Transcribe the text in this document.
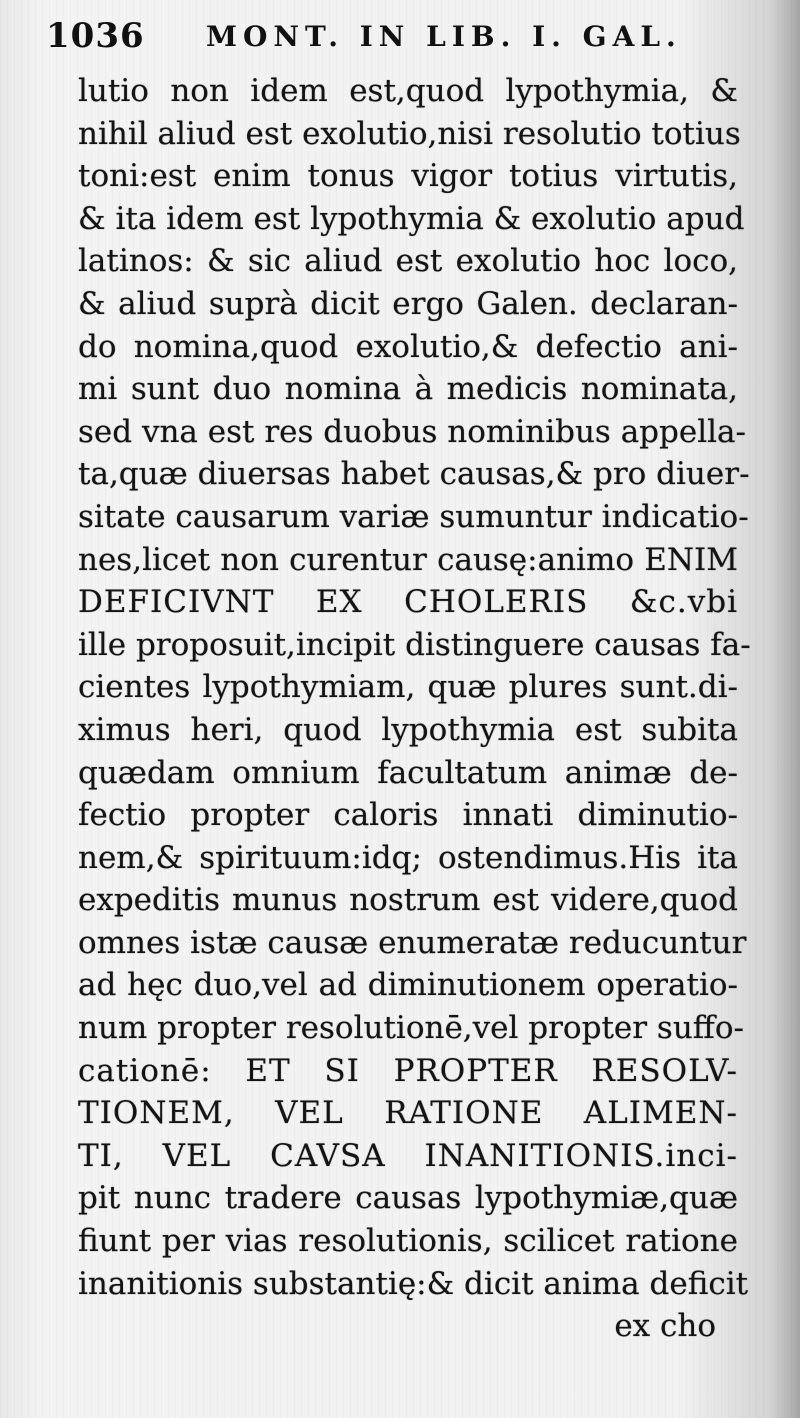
1036 MONT. IN LIB. I. GAL.
lutio non idem est,quod lypothymia, &
nihil aliud est exolutio,nisi resolutio totius
toni:est enim tonus vigor totius virtutis,
& ita idem est lypothymia & exolutio apud
latinos: & sic aliud est exolutio hoc loco,
& aliud suprà dicit ergo Galen. declaran-
do nomina,quod exolutio,& defectio ani-
mi sunt duo nomina à medicis nominata,
sed vna est res duobus nominibus appella-
ta,quæ diuersas habet causas,& pro diuer-
sitate causarum variæ sumuntur indicatio-
nes,licet non curentur causę:animo ENIM
DEFICIVNT EX CHOLERIS &c.vbi
ille proposuit,incipit distinguere causas fa-
cientes lypothymiam, quæ plures sunt.di-
ximus heri, quod lypothymia est subita
quædam omnium facultatum animæ de-
fectio propter caloris innati diminutio-
nem,& spirituum:idq; ostendimus.His ita
expeditis munus nostrum est videre,quod
omnes istæ causæ enumeratæ reducuntur
ad hęc duo,vel ad diminutionem operatio-
num propter resolutionē,vel propter suffo-
cationē: ET SI PROPTER RESOLV-
TIONEM, VEL RATIONE ALIMEN-
TI, VEL CAVSA INANITIONIS.inci-
pit nunc tradere causas lypothymiæ,quæ
fiunt per vias resolutionis, scilicet ratione
inanitionis substantię:& dicit anima deficit
ex cho
